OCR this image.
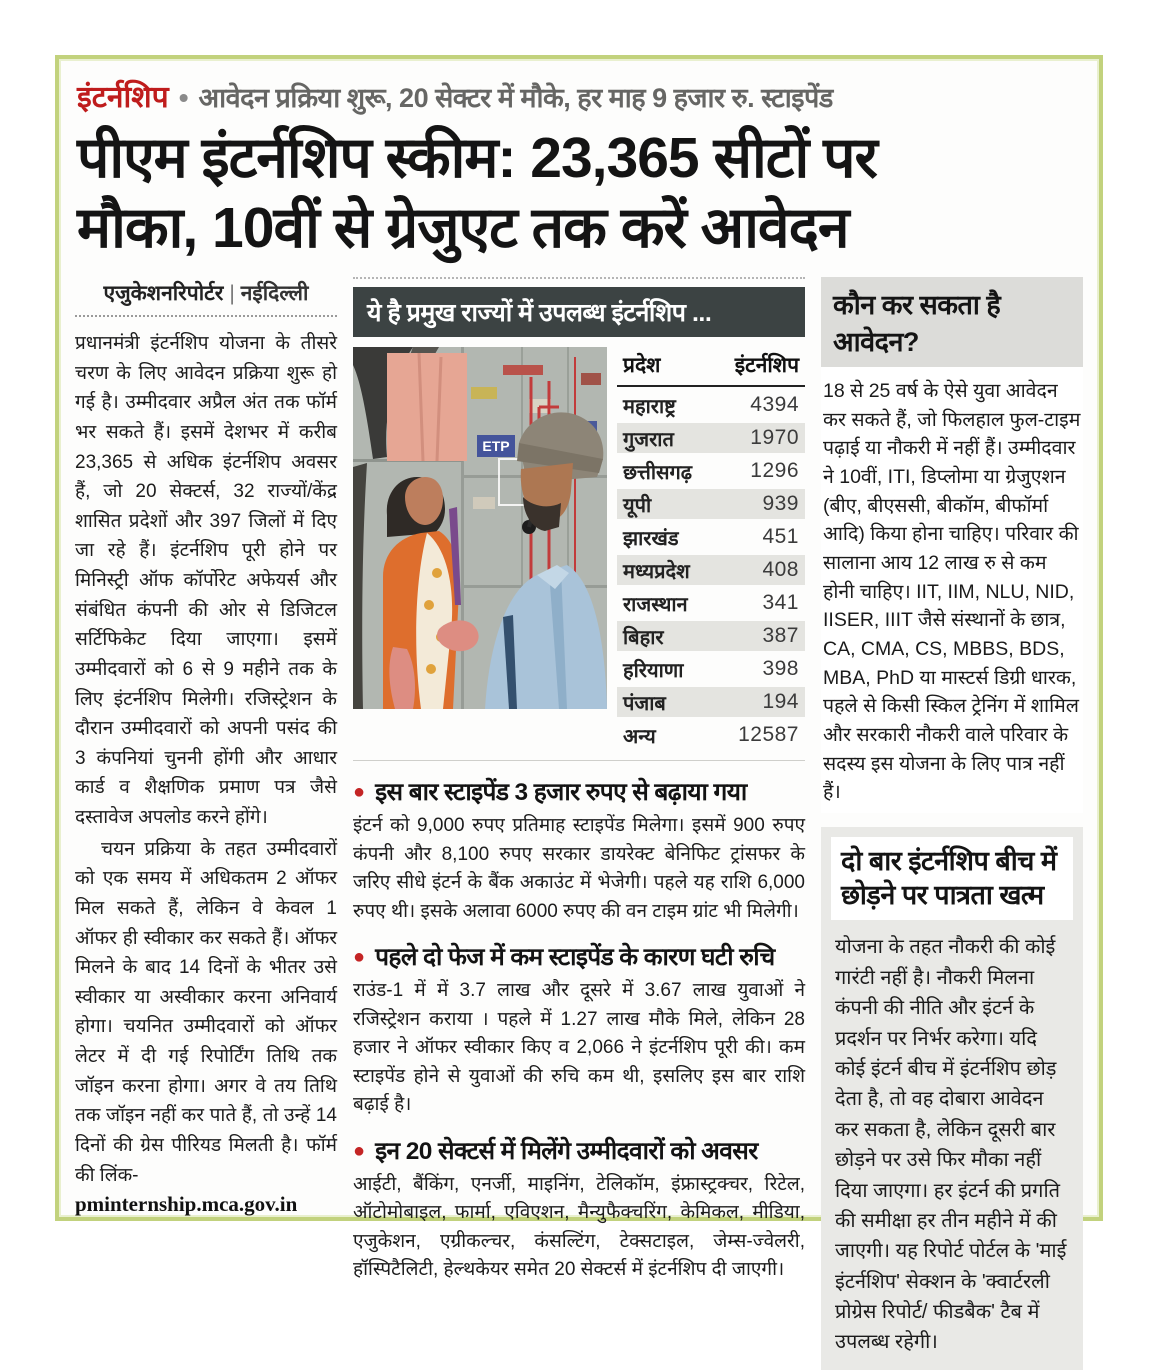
इंटर्नशिप • आवेदन प्रक्रिया शुरू, 20 सेक्टर में मौके, हर माह 9 हजार रु. स्टाइपेंड
पीएम इंटर्नशिप स्कीम: 23,365 सीटों पर
मौका, 10वीं से ग्रेजुएट तक करें आवेदन
एजुकेशनरिपोर्टर | नईदिल्ली
प्रधानमंत्री इंटर्नशिप योजना के तीसरे चरण के लिए आवेदन प्रक्रिया शुरू हो गई है। उम्मीदवार अप्रैल अंत तक फॉर्म भर सकते हैं। इसमें देशभर में करीब 23,365 से अधिक इंटर्नशिप अवसर हैं, जो 20 सेक्टर्स, 32 राज्यों/केंद्र शासित प्रदेशों और 397 जिलों में दिए जा रहे हैं। इंटर्नशिप पूरी होने पर मिनिस्ट्री ऑफ कॉर्पोरेट अफेयर्स और संबंधित कंपनी की ओर से डिजिटल सर्टिफिकेट दिया जाएगा। इसमें उम्मीदवारों को 6 से 9 महीने तक के लिए इंटर्नशिप मिलेगी। रजिस्ट्रेशन के दौरान उम्मीदवारों को अपनी पसंद की 3 कंपनियां चुननी होंगी और आधार कार्ड व शैक्षणिक प्रमाण पत्र जैसे दस्तावेज अपलोड करने होंगे।
चयन प्रक्रिया के तहत उम्मीदवारों को एक समय में अधिकतम 2 ऑफर मिल सकते हैं, लेकिन वे केवल 1 ऑफर ही स्वीकार कर सकते हैं। ऑफर मिलने के बाद 14 दिनों के भीतर उसे स्वीकार या अस्वीकार करना अनिवार्य होगा। चयनित उम्मीदवारों को ऑफर लेटर में दी गई रिपोर्टिंग तिथि तक जॉइन करना होगा। अगर वे तय तिथि तक जॉइन नहीं कर पाते हैं, तो उन्हें 14 दिनों की ग्रेस पीरियड मिलती है। फॉर्म की लिंक-
pminternship.mca.gov.in
ये है प्रमुख राज्यों में उपलब्ध इंटर्नशिप ...
ETP
प्रदेश	इंटर्नशिप
महाराष्ट्र	4394
गुजरात	1970
छत्तीसगढ़	1296
यूपी	939
झारखंड	451
मध्यप्रदेश	408
राजस्थान	341
बिहार	387
हरियाणा	398
पंजाब	194
अन्य	12587
● इस बार स्टाइपेंड 3 हजार रुपए से बढ़ाया गया
इंटर्न को 9,000 रुपए प्रतिमाह स्टाइपेंड मिलेगा। इसमें 900 रुपए कंपनी और 8,100 रुपए सरकार डायरेक्ट बेनिफिट ट्रांसफर के जरिए सीधे इंटर्न के बैंक अकाउंट में भेजेगी। पहले यह राशि 6,000 रुपए थी। इसके अलावा 6000 रुपए की वन टाइम ग्रांट भी मिलेगी।
● पहले दो फेज में कम स्टाइपेंड के कारण घटी रुचि
राउंड-1 में में 3.7 लाख और दूसरे में 3.67 लाख युवाओं ने रजिस्ट्रेशन कराया । पहले में 1.27 लाख मौके मिले, लेकिन 28 हजार ने ऑफर स्वीकार किए व 2,066 ने इंटर्नशिप पूरी की। कम स्टाइपेंड होने से युवाओं की रुचि कम थी, इसलिए इस बार राशि बढ़ाई है।
● इन 20 सेक्टर्स में मिलेंगे उम्मीदवारों को अवसर
आईटी, बैंकिंग, एनर्जी, माइनिंग, टेलिकॉम, इंफ्रास्ट्रक्चर, रिटेल, ऑटोमोबाइल, फार्मा, एविएशन, मैन्युफैक्चरिंग, केमिकल, मीडिया, एजुकेशन, एग्रीकल्चर, कंसल्टिंग, टेक्सटाइल, जेम्स-ज्वेलरी, हॉस्पिटैलिटी, हेल्थकेयर समेत 20 सेक्टर्स में इंटर्नशिप दी जाएगी।
कौन कर सकता है आवेदन?
18 से 25 वर्ष के ऐसे युवा आवेदन कर सकते हैं, जो फिलहाल फुल-टाइम पढ़ाई या नौकरी में नहीं हैं। उम्मीदवार ने 10वीं, ITI, डिप्लोमा या ग्रेजुएशन (बीए, बीएससी, बीकॉम, बीफॉर्मा आदि) किया होना चाहिए। परिवार की सालाना आय 12 लाख रु से कम होनी चाहिए। IIT, IIM, NLU, NID, IISER, IIIT जैसे संस्थानों के छात्र, CA, CMA, CS, MBBS, BDS, MBA, PhD या मास्टर्स डिग्री धारक, पहले से किसी स्किल ट्रेनिंग में शामिल और सरकारी नौकरी वाले परिवार के सदस्य इस योजना के लिए पात्र नहीं हैं।
दो बार इंटर्नशिप बीच में
छोड़ने पर पात्रता खत्म
योजना के तहत नौकरी की कोई गारंटी नहीं है। नौकरी मिलना कंपनी की नीति और इंटर्न के प्रदर्शन पर निर्भर करेगा। यदि कोई इंटर्न बीच में इंटर्नशिप छोड़ देता है, तो वह दोबारा आवेदन कर सकता है, लेकिन दूसरी बार छोड़ने पर उसे फिर मौका नहीं दिया जाएगा। हर इंटर्न की प्रगति की समीक्षा हर तीन महीने में की जाएगी। यह रिपोर्ट पोर्टल के 'माई इंटर्नशिप' सेक्शन के 'क्वार्टरली प्रोग्रेस रिपोर्ट/ फीडबैक' टैब में उपलब्ध रहेगी।
